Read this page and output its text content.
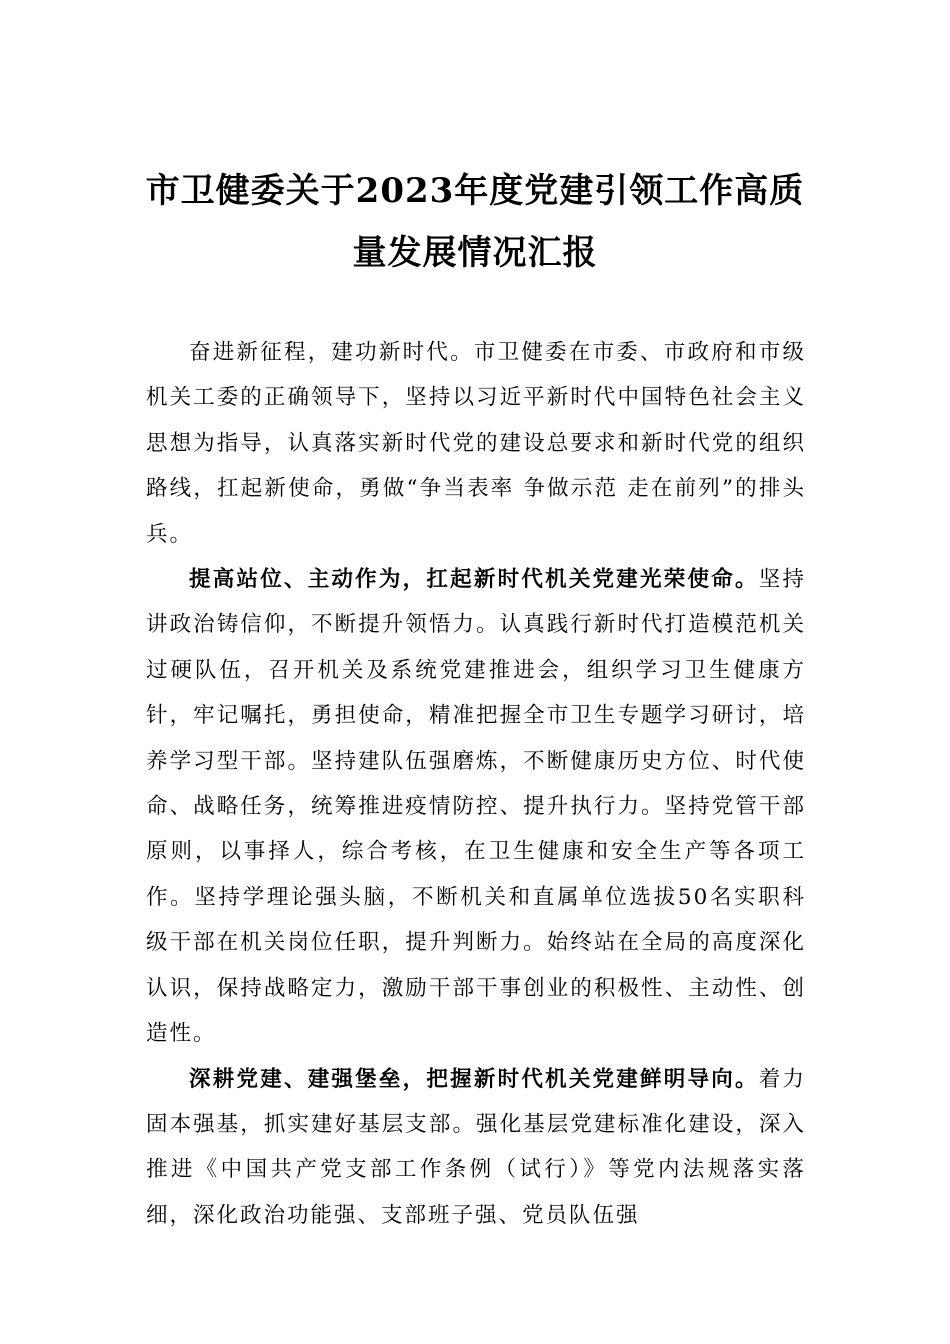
市卫健委关于2023年度党建引领工作高质
量发展情况汇报

奋进新征程，建功新时代。市卫健委在市委、市政府和市级机关工委的正确领导下，坚持以习近平新时代中国特色社会主义思想为指导，认真落实新时代党的建设总要求和新时代党的组织路线，扛起新使命，勇做“争当表率 争做示范 走在前列”的排头兵。

提高站位、主动作为，扛起新时代机关党建光荣使命。坚持讲政治铸信仰，不断提升领悟力。认真践行新时代打造模范机关过硬队伍，召开机关及系统党建推进会，组织学习卫生健康方针，牢记嘱托，勇担使命，精准把握全市卫生专题学习研讨，培养学习型干部。坚持建队伍强磨炼，不断健康历史方位、时代使命、战略任务，统筹推进疫情防控、提升执行力。坚持党管干部原则，以事择人，综合考核，在卫生健康和安全生产等各项工作。坚持学理论强头脑，不断机关和直属单位选拔50名实职科级干部在机关岗位任职，提升判断力。始终站在全局的高度深化认识，保持战略定力，激励干部干事创业的积极性、主动性、创造性。

深耕党建、建强堡垒，把握新时代机关党建鲜明导向。着力固本强基，抓实建好基层支部。强化基层党建标准化建设，深入推进《中国共产党支部工作条例（试行）》等党内法规落实落细，深化政治功能强、支部班子强、党员队伍强
